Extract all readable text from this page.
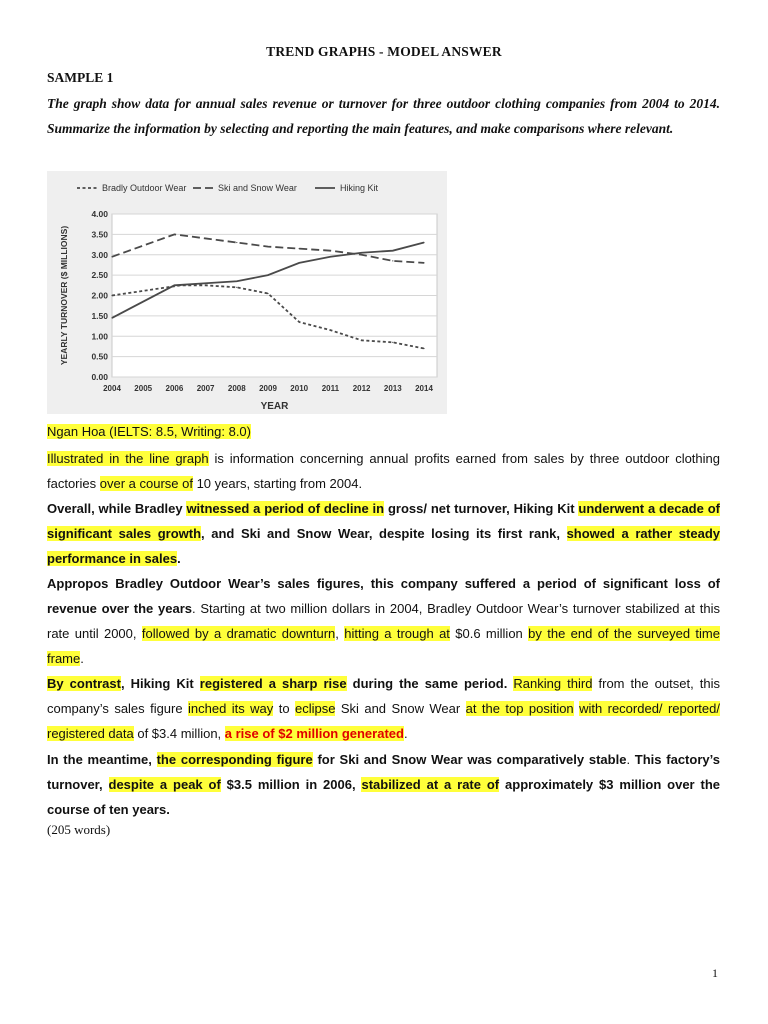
TREND GRAPHS - MODEL ANSWER
SAMPLE 1
The graph show data for annual sales revenue or turnover for three outdoor clothing companies from 2004 to 2014. Summarize the information by selecting and reporting the main features, and make comparisons where relevant.
0.00
0.50
1.00
1.50
2.00
2.50
3.00
3.50
4.00
2004 2005 2006 2007 2008 2009 2010 2011 2012 2013 2014
YEAR
YEARLY TURNOVER ($ MILLIONS)
Bradly Outdoor Wear	Ski and Snow Wear	Hiking Kit
Ngan Hoa (IELTS: 8.5, Writing: 8.0)
Illustrated in the line graph is information concerning annual profits earned from sales by three outdoor clothing factories over a course of 10 years, starting from 2004.
Overall, while Bradley witnessed a period of decline in gross/ net turnover, Hiking Kit underwent a decade of significant sales growth, and Ski and Snow Wear, despite losing its first rank, showed a rather steady performance in sales.
Appropos Bradley Outdoor Wear’s sales figures, this company suffered a period of significant loss of revenue over the years. Starting at two million dollars in 2004, Bradley Outdoor Wear’s turnover stabilized at this rate until 2000, followed by a dramatic downturn, hitting a trough at $0.6 million by the end of the surveyed time frame.
By contrast, Hiking Kit registered a sharp rise during the same period. Ranking third from the outset, this company’s sales figure inched its way to eclipse Ski and Snow Wear at the top position with recorded/ reported/ registered data of $3.4 million, a rise of $2 million generated.
In the meantime, the corresponding figure for Ski and Snow Wear was comparatively stable. This factory’s turnover, despite a peak of $3.5 million in 2006, stabilized at a rate of approximately $3 million over the course of ten years.
(205 words)
1
